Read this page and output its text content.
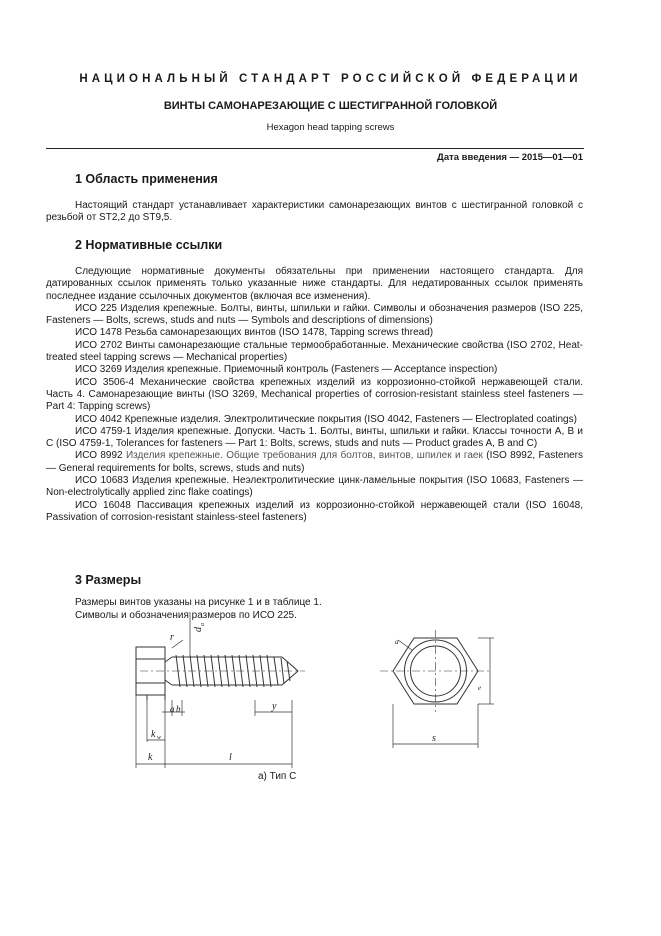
НАЦИОНАЛЬНЫЙ СТАНДАРТ РОССИЙСКОЙ ФЕДЕРАЦИИ
ВИНТЫ САМОНАРЕЗАЮЩИЕ С ШЕСТИГРАННОЙ ГОЛОВКОЙ
Hexagon head tapping screws
Дата введения — 2015—01—01
1 Область применения

Настоящий стандарт устанавливает характеристики самонарезающих винтов с шестигранной головкой с резьбой от ST2,2 до ST9,5.

2 Нормативные ссылки

Следующие нормативные документы обязательны при применении настоящего стандарта. Для датированных ссылок применять только указанные ниже стандарты. Для недатированных ссылок применять последнее издание ссылочных документов (включая все изменения).

ИСО 225 Изделия крепежные. Болты, винты, шпильки и гайки. Символы и обозначения размеров (ISO 225, Fasteners — Bolts, screws, studs and nuts — Symbols and descriptions of dimensions)

ИСО 1478 Резьба самонарезающих винтов (ISO 1478, Tapping screws thread)

ИСО 2702 Винты самонарезающие стальные термообработанные. Механические свойства (ISO 2702, Heat-treated steel tapping screws — Mechanical properties)

ИСО 3269 Изделия крепежные. Приемочный контроль (Fasteners — Acceptance inspection)

ИСО 3506-4 Механические свойства крепежных изделий из коррозионно-стойкой нержавеющей стали. Часть 4. Самонарезающие винты (ISO 3269, Mechanical properties of corrosion-resistant stainless steel fasteners — Part 4: Tapping screws)

ИСО 4042 Крепежные изделия. Электролитические покрытия (ISO 4042, Fasteners — Electroplated coatings)

ИСО 4759-1 Изделия крепежные. Допуски. Часть 1. Болты, винты, шпильки и гайки. Классы точности А, В и С (ISO 4759-1, Tolerances for fasteners — Part 1: Bolts, screws, studs and nuts — Product grades A, B and C)

ИСО 8992 Изделия крепежные. Общие требования для болтов, винтов, шпилек и гаек (ISO 8992, Fasteners — General requirements for bolts, screws, studs and nuts)

ИСО 10683 Изделия крепежные. Неэлектролитические цинк-ламельные покрытия (ISO 10683, Fasteners — Non-electrolytically applied zinc flake coatings)

ИСО 16048 Пассивация крепежных изделий из коррозионно-стойкой нержавеющей стали (ISO 16048, Passivation of corrosion-resistant stainless-steel fasteners)

3 Размеры
Размеры винтов указаны на рисунке 1 и в таблице 1.
Символы и обозначения размеров по ИСО 225.
r
d
a
a b	y
k w
k	l
a
e
s
а) Тип С
